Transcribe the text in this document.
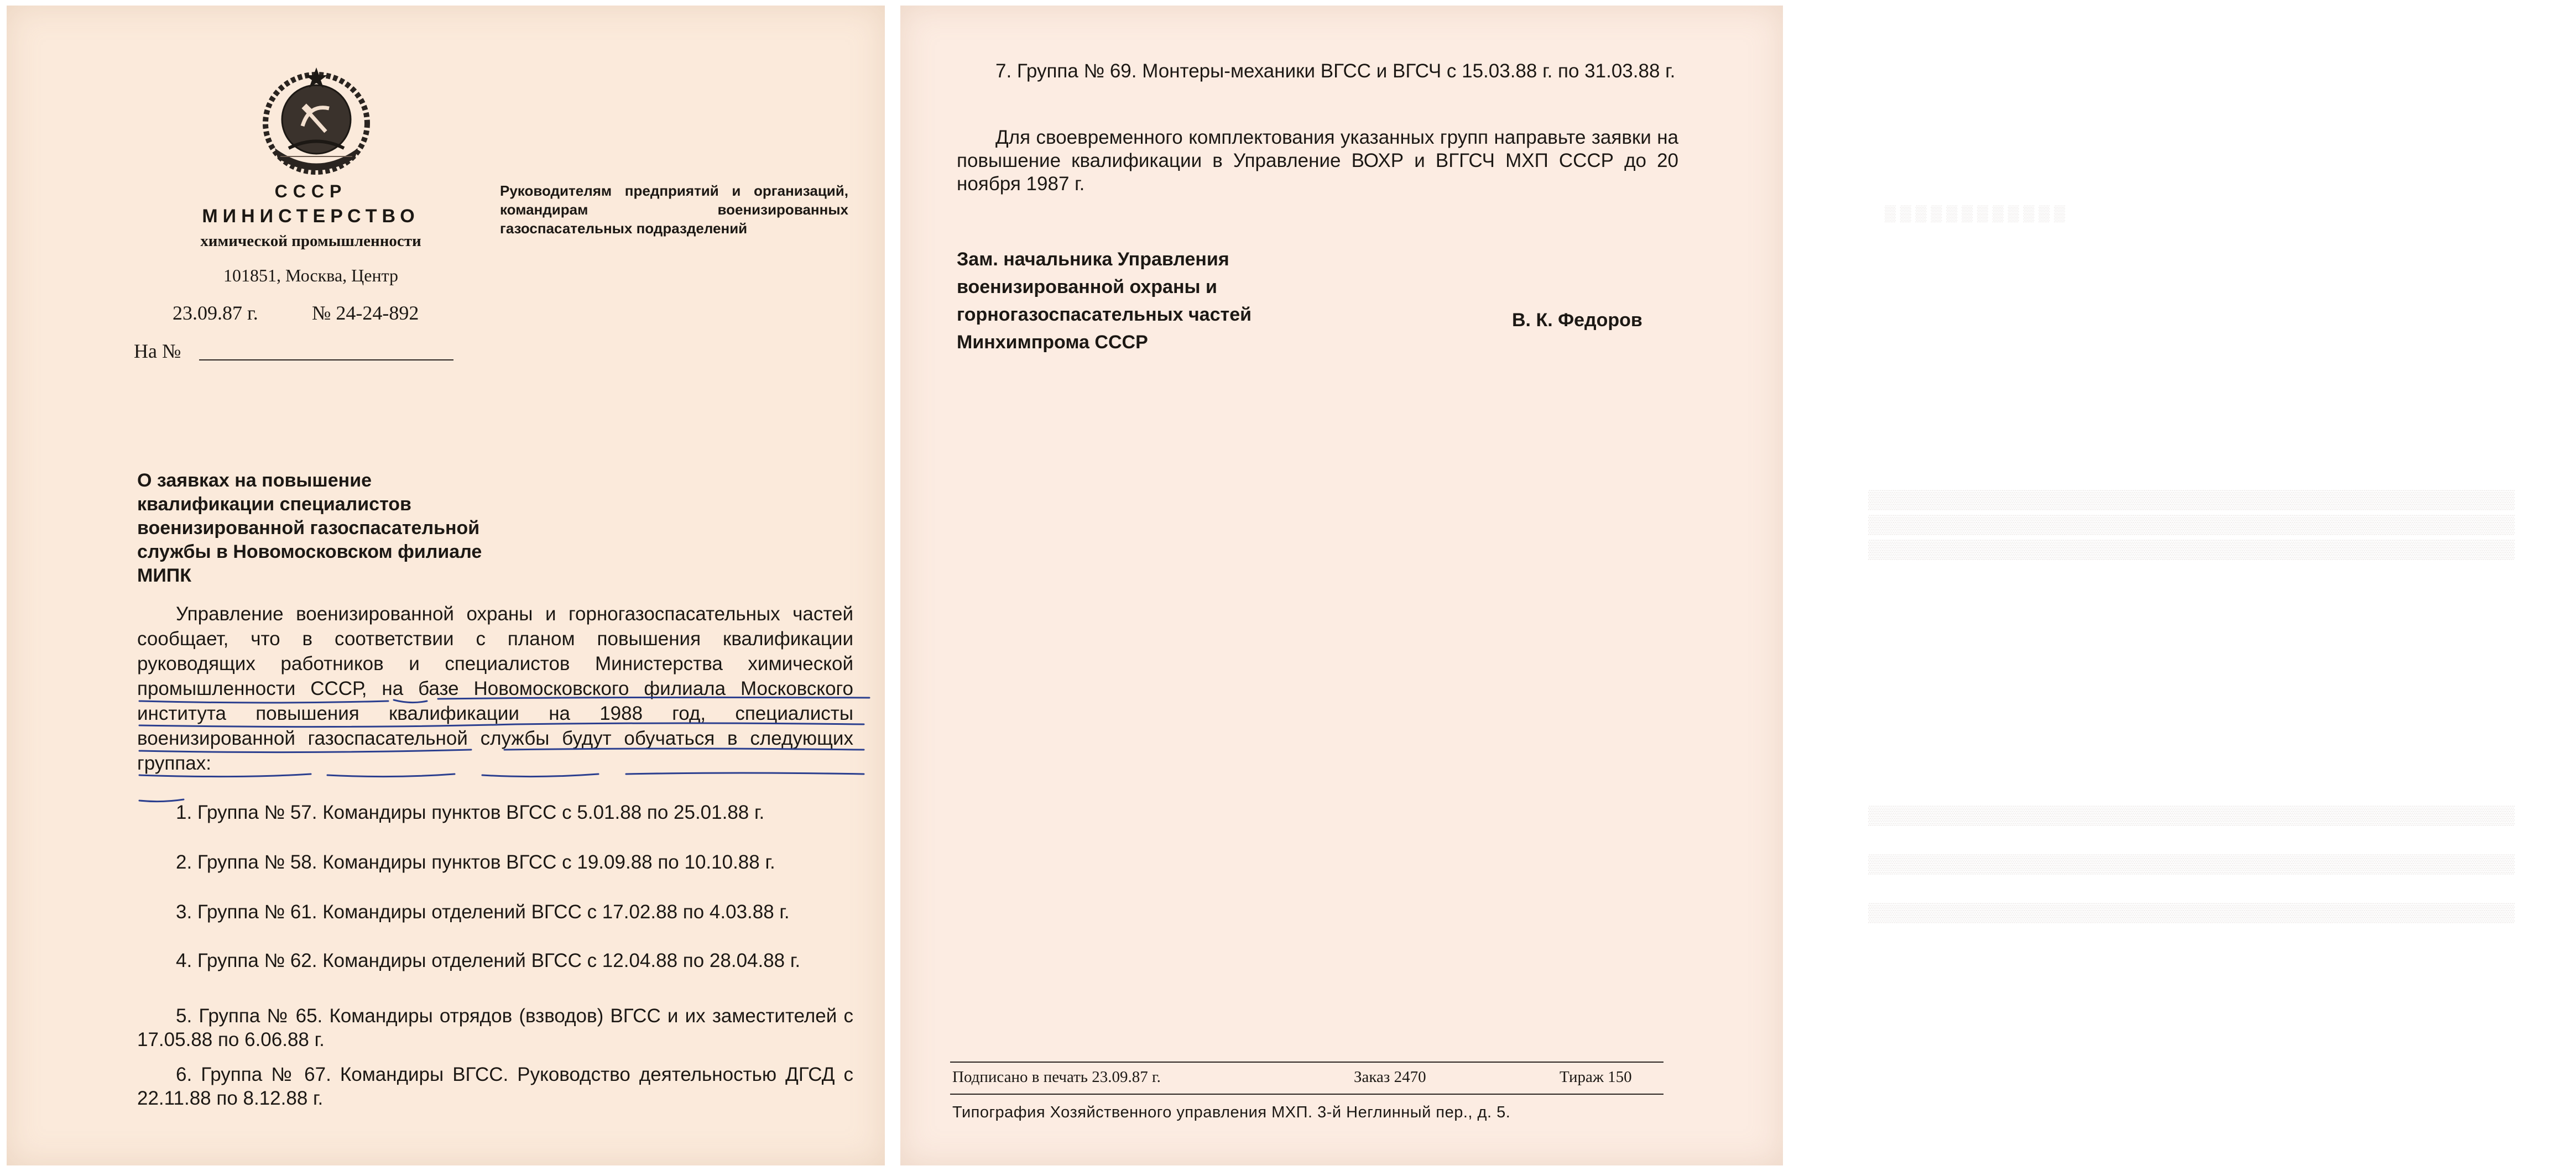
СССР
МИНИСТЕРСТВО
химической промышленности
101851, Москва, Центр
23.09.87 г.	№ 24-24-892
На №
Руководителям предприятий и организаций, командирам военизированных газоспасательных подразделений
О заявках на повышение квалификации специалистов военизированной газоспасательной службы в Новомосковском филиале МИПК
Управление военизированной охраны и горногазоспасательных частей сообщает, что в соответствии с планом повышения квалификации руководящих работников и специалистов Министерства химической промышленности СССР, на базе Новомосковского филиала Московского института повышения квалификации на 1988 год, специалисты военизированной газоспасательной службы будут обучаться в следующих группах:
1. Группа № 57. Командиры пунктов ВГСС с 5.01.88 по 25.01.88 г.
2. Группа № 58. Командиры пунктов ВГСС с 19.09.88 по 10.10.88 г.
3. Группа № 61. Командиры отделений ВГСС с 17.02.88 по 4.03.88 г.
4. Группа № 62. Командиры отделений ВГСС с 12.04.88 по 28.04.88 г.
5. Группа № 65. Командиры отрядов (взводов) ВГСС и их заместителей с 17.05.88 по 6.06.88 г.
6. Группа № 67. Командиры ВГСС. Руководство деятельностью ДГСД с 22.11.88 по 8.12.88 г.
▒▒▒▒▒▒▒▒▒▒▒▒
▒▒▒▒▒▒▒▒▒▒▒▒▒▒▒▒▒▒▒▒▒▒▒▒▒▒▒▒▒▒▒▒▒▒▒▒▒▒▒▒▒▒▒▒▒▒▒▒▒▒ ▒▒▒▒▒▒▒▒▒▒▒▒▒▒▒▒▒▒▒▒▒▒▒▒▒▒▒▒▒▒▒▒▒▒▒▒▒▒▒▒▒▒▒▒▒▒▒▒▒▒ ▒▒▒▒▒▒▒▒▒▒▒▒▒▒▒▒▒▒▒▒▒▒▒▒▒▒▒▒▒▒▒▒▒▒▒▒▒▒▒▒▒▒▒▒▒▒▒▒▒▒
▒▒▒▒▒▒▒▒▒▒▒▒▒▒▒▒▒▒▒▒▒▒▒▒▒▒▒▒▒▒▒▒▒▒▒▒▒▒▒▒▒▒▒▒▒▒▒▒▒▒ ▒▒▒▒▒▒▒▒▒▒▒▒▒▒▒▒▒▒▒▒▒▒▒▒▒▒▒▒▒▒▒▒▒▒▒▒▒▒▒▒▒▒▒▒▒▒▒▒▒▒ ▒▒▒▒▒▒▒▒▒▒▒▒▒▒▒▒▒▒▒▒▒▒▒▒▒▒▒▒▒▒▒▒▒▒▒▒▒▒▒▒▒▒▒▒▒▒▒▒▒▒
7. Группа № 69. Монтеры-механики ВГСС и ВГСЧ с 15.03.88 г. по 31.03.88 г.
Для своевременного комплектования указанных групп направьте заявки на повышение квалификации в Управление ВОХР и ВГГСЧ МХП СССР до 20 ноября 1987 г.
Зам. начальника Управления военизированной охраны и горногазоспасательных частей Минхимпрома СССР
В. К. Федоров
Подписано в печать 23.09.87 г.	Заказ 2470	Тираж 150
Типография Хозяйственного управления МХП. 3-й Неглинный пер., д. 5.
